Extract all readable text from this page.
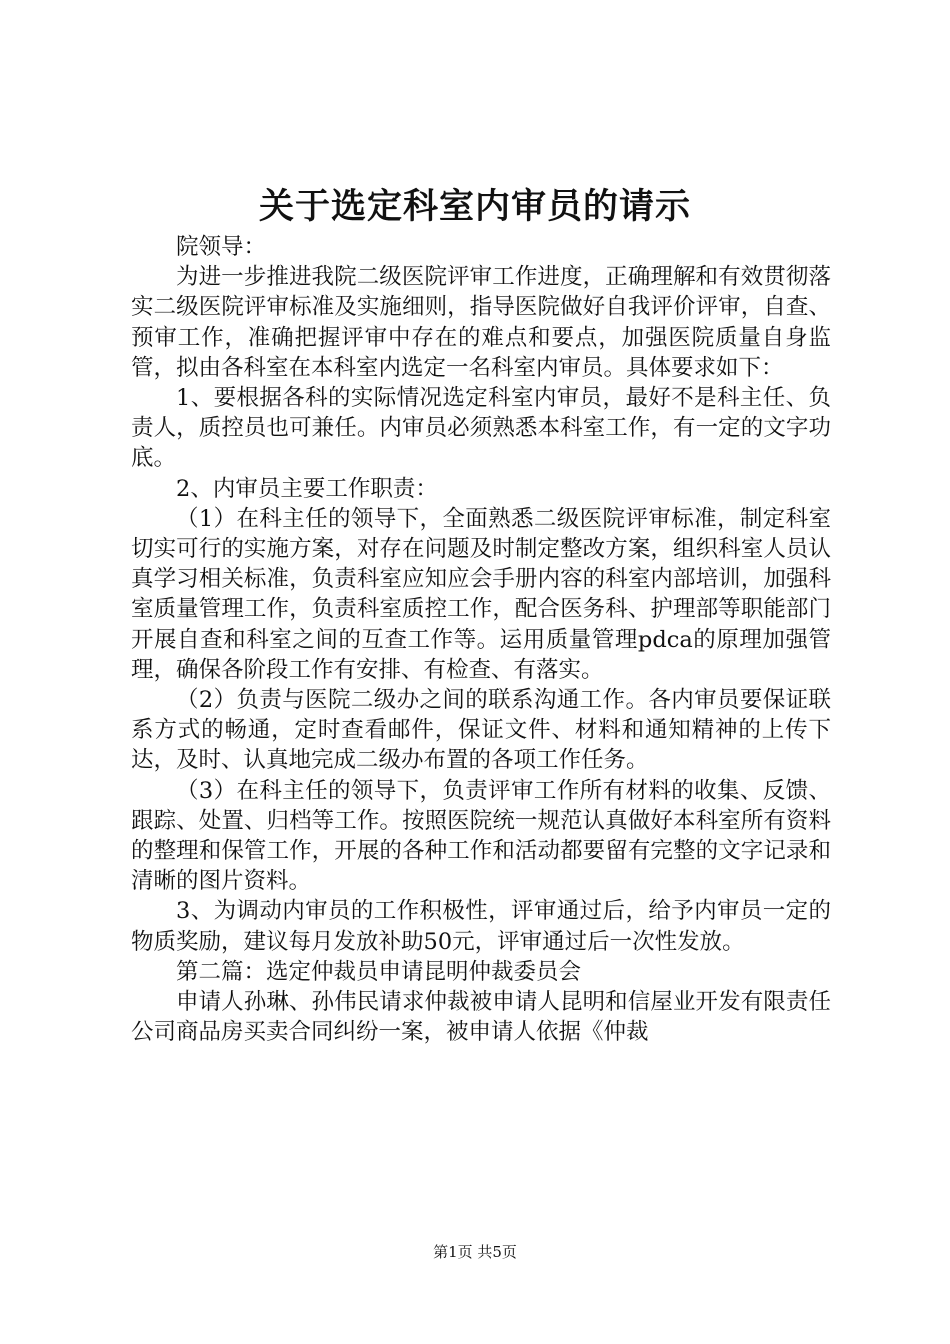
关于选定科室内审员的请示

院领导：

为进一步推进我院二级医院评审工作进度，正确理解和有效贯彻落实二级医院评审标准及实施细则，指导医院做好自我评价评审，自查、预审工作，准确把握评审中存在的难点和要点，加强医院质量自身监管，拟由各科室在本科室内选定一名科室内审员。具体要求如下：

1、要根据各科的实际情况选定科室内审员，最好不是科主任、负责人，质控员也可兼任。内审员必须熟悉本科室工作，有一定的文字功底。

2、内审员主要工作职责：

（1）在科主任的领导下，全面熟悉二级医院评审标准，制定科室切实可行的实施方案，对存在问题及时制定整改方案，组织科室人员认真学习相关标准，负责科室应知应会手册内容的科室内部培训，加强科室质量管理工作，负责科室质控工作，配合医务科、护理部等职能部门开展自查和科室之间的互查工作等。运用质量管理pdca的原理加强管理，确保各阶段工作有安排、有检查、有落实。

（2）负责与医院二级办之间的联系沟通工作。各内审员要保证联系方式的畅通，定时查看邮件，保证文件、材料和通知精神的上传下达，及时、认真地完成二级办布置的各项工作任务。

（3）在科主任的领导下，负责评审工作所有材料的收集、反馈、跟踪、处置、归档等工作。按照医院统一规范认真做好本科室所有资料的整理和保管工作，开展的各种工作和活动都要留有完整的文字记录和清晰的图片资料。

3、为调动内审员的工作积极性，评审通过后，给予内审员一定的物质奖励，建议每月发放补助50元，评审通过后一次性发放。

第二篇：选定仲裁员申请昆明仲裁委员会

申请人孙琳、孙伟民请求仲裁被申请人昆明和信屋业开发有限责任公司商品房买卖合同纠纷一案，被申请人依据《仲裁

第1页 共5页
